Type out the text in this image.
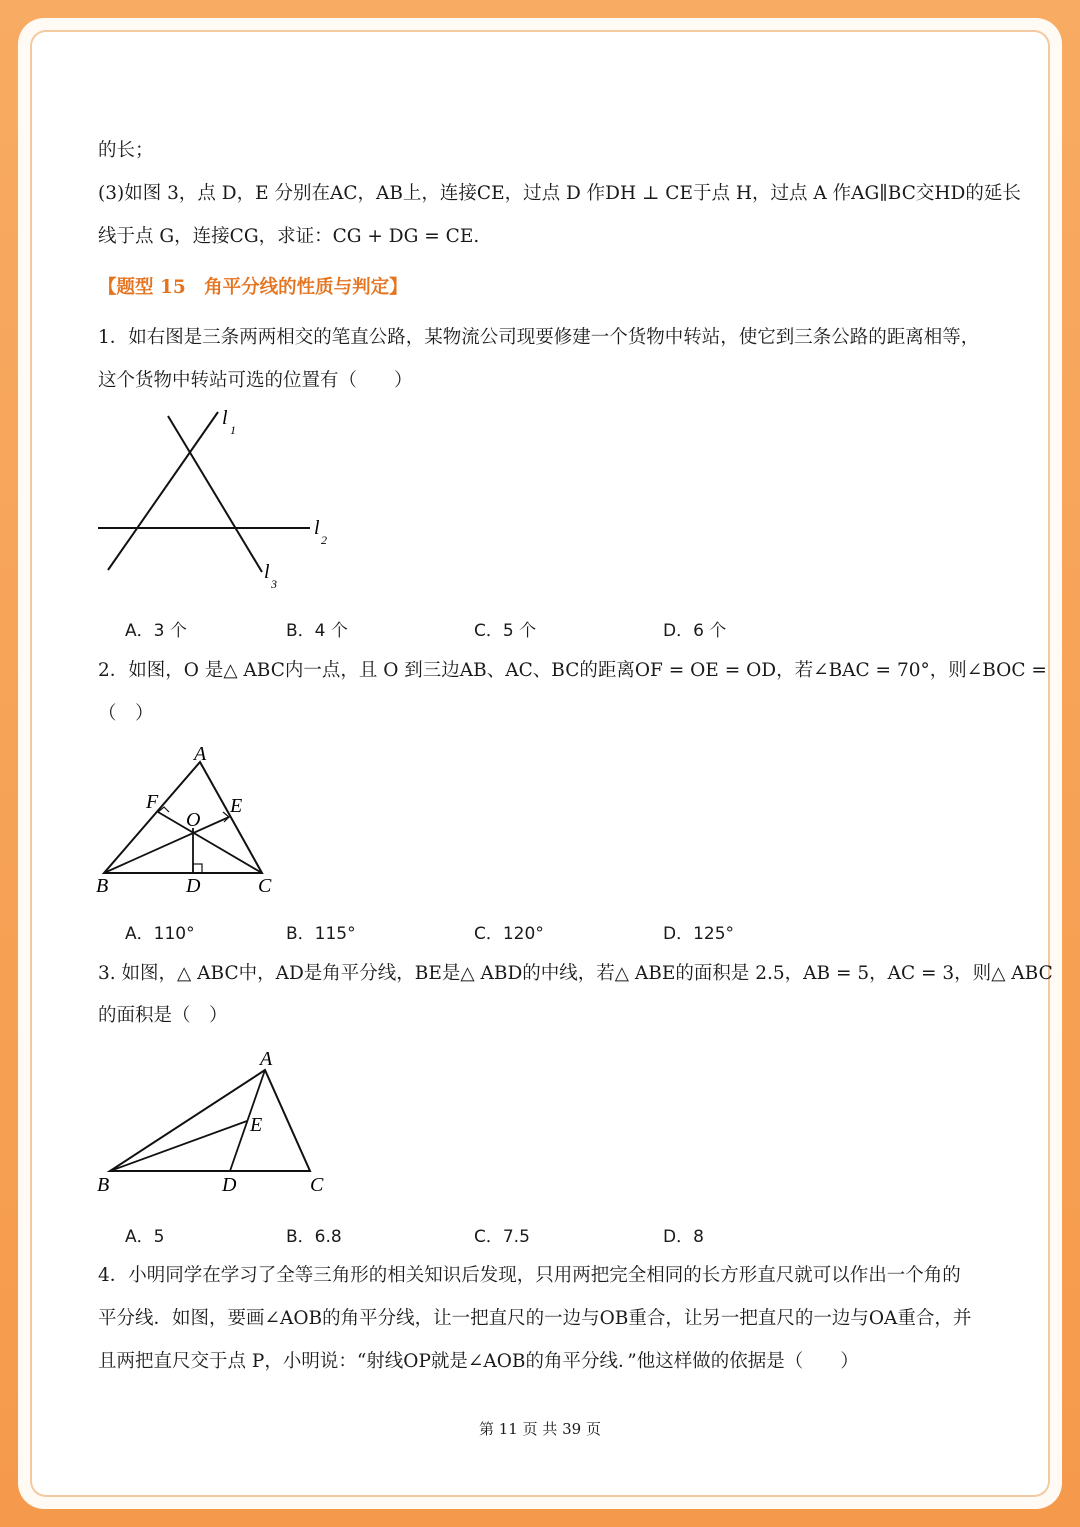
的长；
(3)如图 3，点 D，E 分别在AC，AB上，连接CE，过点 D 作DH ⊥ CE于点 H，过点 A 作AG∥BC交HD的延长
线于点 G，连接CG，求证：CG + DG = CE.
【题型 15　角平分线的性质与判定】
1．如右图是三条两两相交的笔直公路，某物流公司现要修建一个货物中转站，使它到三条公路的距离相等，
这个货物中转站可选的位置有（　　）
l
1
l
2
l
3
A．3 个	B．4 个	C．5 个	D．6 个
2．如图，O 是△ ABC内一点，且 O 到三边AB、AC、BC的距离OF = OE = OD，若∠BAC = 70°，则∠BOC =
（　）
A
B	C
D
E
F
O
A．110°	B．115°	C．120°	D．125°
3. 如图，△ ABC中，AD是角平分线，BE是△ ABD的中线，若△ ABE的面积是 2.5，AB = 5，AC = 3，则△ ABC
的面积是（　）
A
B	C
D
E
A．5	B．6.8	C．7.5	D．8
4．小明同学在学习了全等三角形的相关知识后发现，只用两把完全相同的长方形直尺就可以作出一个角的
平分线．如图，要画∠AOB的角平分线，让一把直尺的一边与OB重合，让另一把直尺的一边与OA重合，并
且两把直尺交于点 P，小明说：“射线OP就是∠AOB的角平分线．”他这样做的依据是（　　）
第 11 页 共 39 页
